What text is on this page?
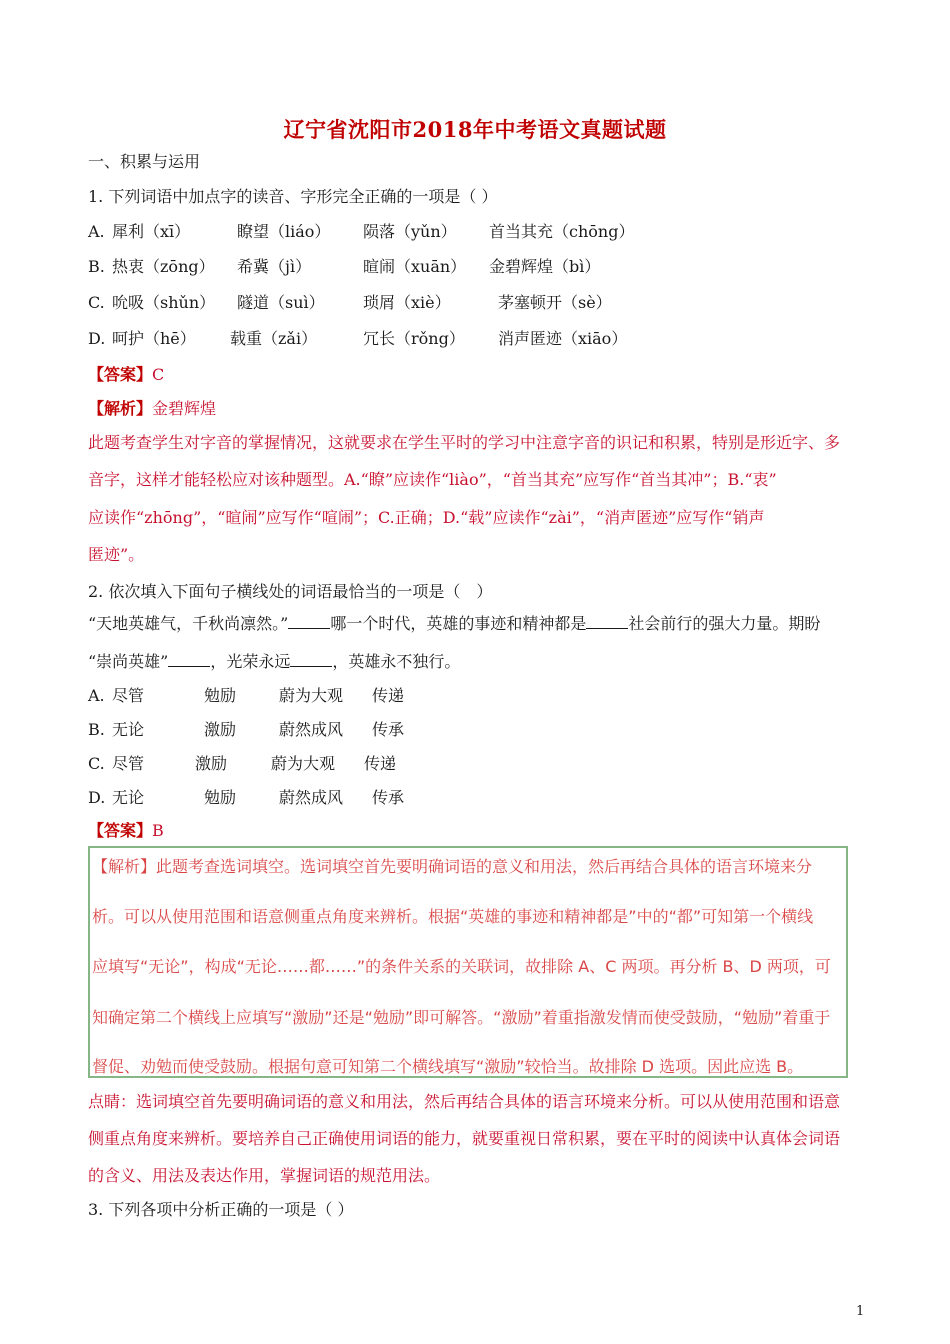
辽宁省沈阳市2018年中考语文真题试题
一、积累与运用
1. 下列词语中加点字的读音、字形完全正确的一项是（ ）
A. 犀利（xī）	瞭望（liáo） 陨落（yǔn） 首当其充（chōng）
B. 热衷（zōng） 希冀（jì）	暄闹（xuān） 金碧辉煌（bì）
C. 吮吸（shǔn） 隧道（suì） 琐屑（xiè）	茅塞顿开（sè）
D. 呵护（hē） 载重（zǎi）	冗长（rǒng） 消声匿迹（xiāo）
【答案】C
【解析】金碧辉煌
此题考查学生对字音的掌握情况，这就要求在学生平时的学习中注意字音的识记和积累，特别是形近字、多
音字，这样才能轻松应对该种题型。A.“瞭”应读作“liào”，“首当其充”应写作“首当其冲”；B.“衷”
应读作“zhōng”，“暄闹”应写作“喧闹”；C.正确；D.“载”应读作“zài”，“消声匿迹”应写作“销声
匿迹”。
2. 依次填入下面句子横线处的词语最恰当的一项是（　）
“天地英雄气，千秋尚凛然。”	哪一个时代，英雄的事迹和精神都是	社会前行的强大力量。期盼
“崇尚英雄”	，光荣永远	，英雄永不独行。
A. 尽管	勉励	蔚为大观 传递
B. 无论	激励	蔚然成风 传承
C. 尽管	激励	蔚为大观 传递
D. 无论	勉励	蔚然成风 传承
【答案】B
【解析】此题考查选词填空。选词填空首先要明确词语的意义和用法，然后再结合具体的语言环境来分
析。可以从使用范围和语意侧重点角度来辨析。根据“英雄的事迹和精神都是”中的“都”可知第一个横线
应填写“无论”，构成“无论……都……”的条件关系的关联词，故排除 A、C 两项。再分析 B、D 两项，可
知确定第二个横线上应填写“激励”还是“勉励”即可解答。“激励”着重指激发情而使受鼓励，“勉励”着重于
督促、劝勉而使受鼓励。根据句意可知第二个横线填写“激励”较恰当。故排除 D 选项。因此应选 B。
点睛：选词填空首先要明确词语的意义和用法，然后再结合具体的语言环境来分析。可以从使用范围和语意
侧重点角度来辨析。要培养自己正确使用词语的能力，就要重视日常积累，要在平时的阅读中认真体会词语
的含义、用法及表达作用，掌握词语的规范用法。
3. 下列各项中分析正确的一项是（ ）
1
